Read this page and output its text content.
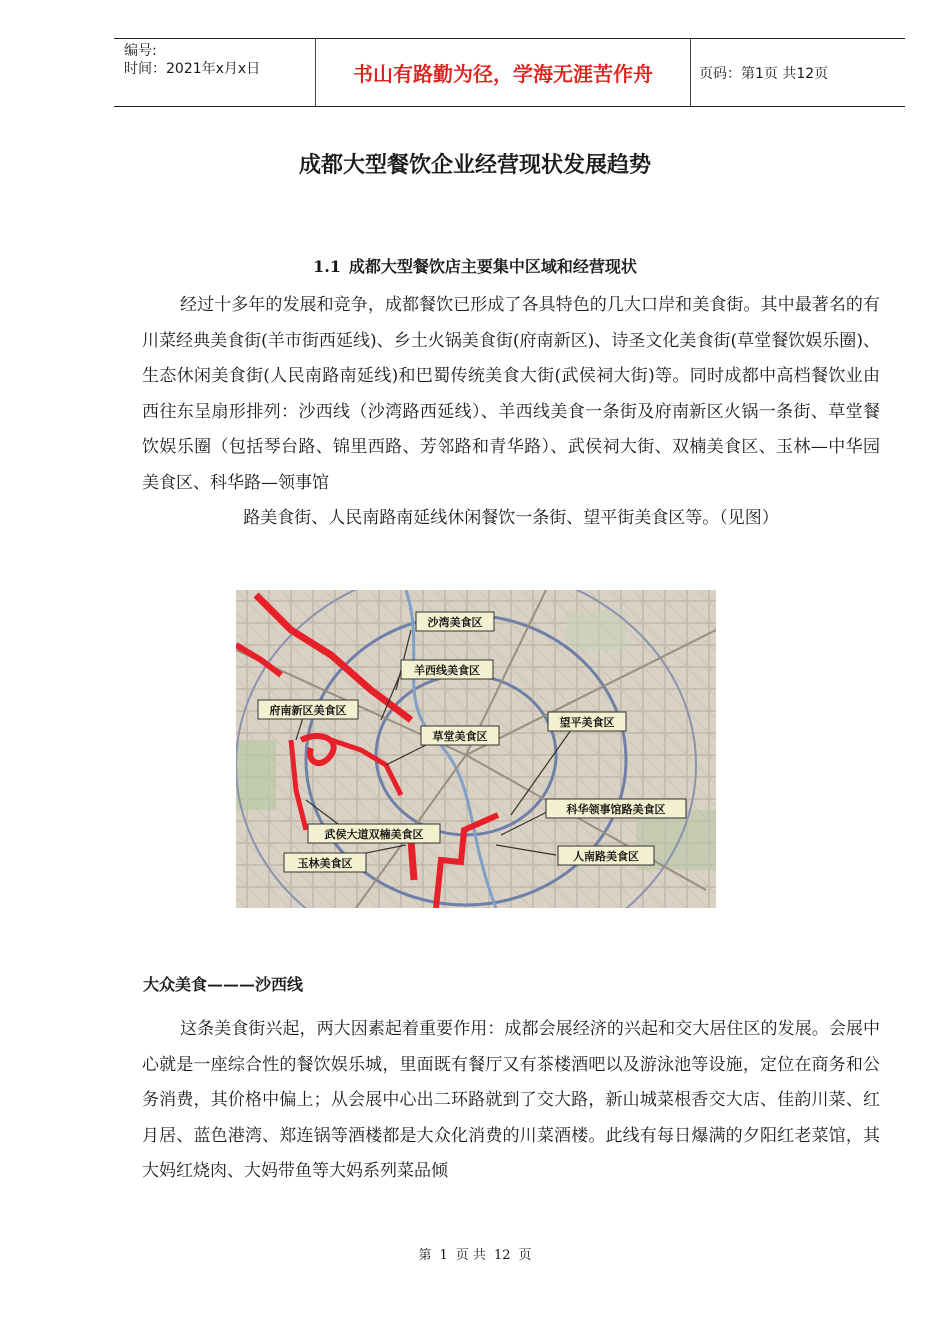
编号:
时间：2021年x月x日	书山有路勤为径，学海无涯苦作舟	页码：第1页 共12页
成都大型餐饮企业经营现状发展趋势
1.1 成都大型餐饮店主要集中区域和经营现状

经过十多年的发展和竞争，成都餐饮已形成了各具特色的几大口岸和美食街。其中最著名的有川菜经典美食街(羊市街西延线)、乡土火锅美食街(府南新区)、诗圣文化美食街(草堂餐饮娱乐圈)、生态休闲美食街(人民南路南延线)和巴蜀传统美食大街(武侯祠大街)等。同时成都中高档餐饮业由西往东呈扇形排列：沙西线（沙湾路西延线）、羊西线美食一条街及府南新区火锅一条街、草堂餐饮娱乐圈（包括琴台路、锦里西路、芳邻路和青华路）、武侯祠大街、双楠美食区、玉林—中华园美食区、科华路—领事馆

路美食街、人民南路南延线休闲餐饮一条街、望平街美食区等。（见图）

沙湾美食区
羊西线美食区
府南新区美食区
草堂美食区
望平美食区
科华领事馆路美食区
武侯大道双楠美食区
玉林美食区
人南路美食区
大众美食———沙西线

这条美食街兴起，两大因素起着重要作用：成都会展经济的兴起和交大居住区的发展。会展中心就是一座综合性的餐饮娱乐城，里面既有餐厅又有茶楼酒吧以及游泳池等设施，定位在商务和公务消费，其价格中偏上；从会展中心出二环路就到了交大路，新山城菜根香交大店、佳韵川菜、红月居、蓝色港湾、郑连锅等酒楼都是大众化消费的川菜酒楼。此线有每日爆满的夕阳红老菜馆，其大妈红烧肉、大妈带鱼等大妈系列菜品倾

第 1 页 共 12 页
